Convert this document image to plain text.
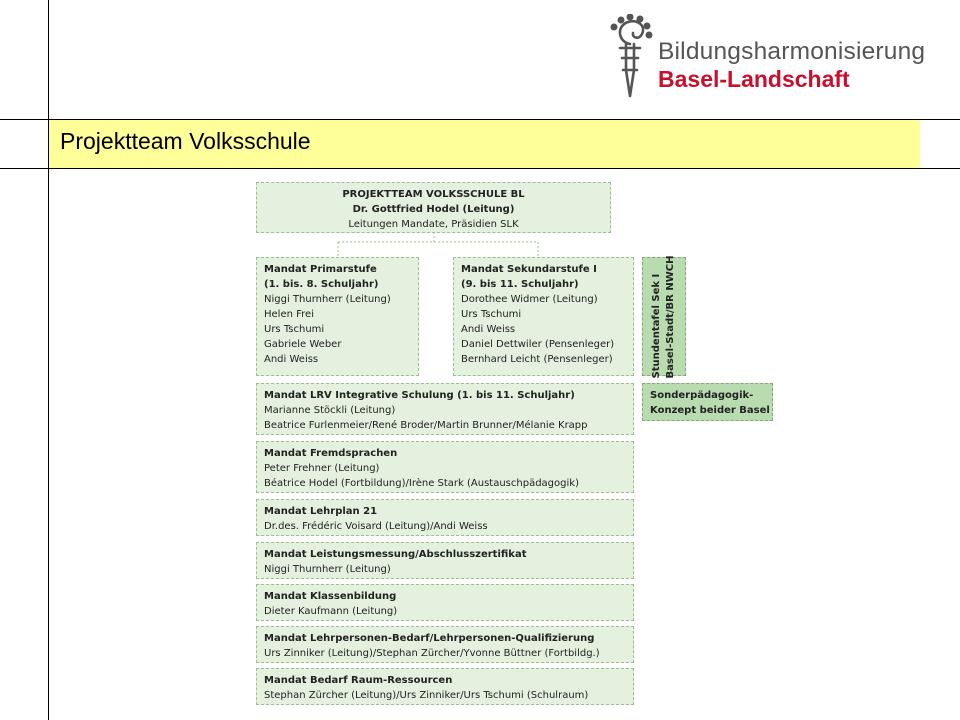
Projektteam Volksschule
Bildungsharmonisierung
Basel-Landschaft
PROJEKTTEAM VOLKSSCHULE BL
Dr. Gottfried Hodel (Leitung)
Leitungen Mandate, Präsidien SLK
Mandat Primarstufe
(1. bis. 8. Schuljahr)
Niggi Thurnherr (Leitung)
Helen Frei
Urs Tschumi
Gabriele Weber
Andi Weiss
Mandat Sekundarstufe I
(9. bis 11. Schuljahr)
Dorothee Widmer (Leitung)
Urs Tschumi
Andi Weiss
Daniel Dettwiler (Pensenleger)
Bernhard Leicht (Pensenleger)	Stundentafel Sek I Basel-Stadt/BR NWCH
Mandat LRV Integrative Schulung (1. bis 11. Schuljahr)
Marianne Stöckli (Leitung)
Beatrice Furlenmeier/René Broder/Martin Brunner/Mélanie Krapp
Sonderpädagogik-
Konzept beider Basel
Mandat Fremdsprachen
Peter Frehner (Leitung)
Béatrice Hodel (Fortbildung)/Irène Stark (Austauschpädagogik)
Mandat Lehrplan 21
Dr.des. Frédéric Voisard (Leitung)/Andi Weiss
Mandat Leistungsmessung/Abschlusszertifikat
Niggi Thurnherr (Leitung)
Mandat Klassenbildung
Dieter Kaufmann (Leitung)
Mandat Lehrpersonen-Bedarf/Lehrpersonen-Qualifizierung
Urs Zinniker (Leitung)/Stephan Zürcher/Yvonne Büttner (Fortbildg.)
Mandat Bedarf Raum-Ressourcen
Stephan Zürcher (Leitung)/Urs Zinniker/Urs Tschumi (Schulraum)
